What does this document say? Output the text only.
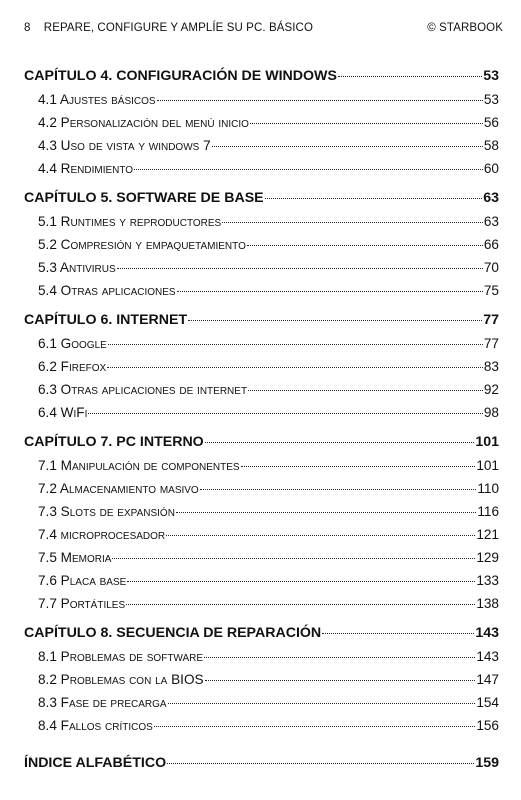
8 REPARE, CONFIGURE Y AMPLÍE SU PC. BÁSICO	© STARBOOK
CAPÍTULO 4. CONFIGURACIÓN DE WINDOWS	53
4.1 Ajustes básicos	53
4.2 Personalización del menú inicio	56
4.3 Uso de vista y windows 7	58
4.4 Rendimiento	60
CAPÍTULO 5. SOFTWARE DE BASE	63
5.1 Runtimes y reproductores	63
5.2 Compresión y empaquetamiento	66
5.3 Antivirus	70
5.4 Otras aplicaciones	75
CAPÍTULO 6. INTERNET	77
6.1 Google	77
6.2 Firefox	83
6.3 Otras aplicaciones de internet	92
6.4 WiFi	98
CAPÍTULO 7. PC INTERNO	101
7.1 Manipulación de componentes	101
7.2 Almacenamiento masivo	110
7.3 Slots de expansión	116
7.4 microprocesador	121
7.5 Memoria	129
7.6 Placa base	133
7.7 Portátiles	138
CAPÍTULO 8. SECUENCIA DE REPARACIÓN	143
8.1 Problemas de software	143
8.2 Problemas con la BIOS	147
8.3 Fase de precarga	154
8.4 Fallos críticos	156
ÍNDICE ALFABÉTICO	159
